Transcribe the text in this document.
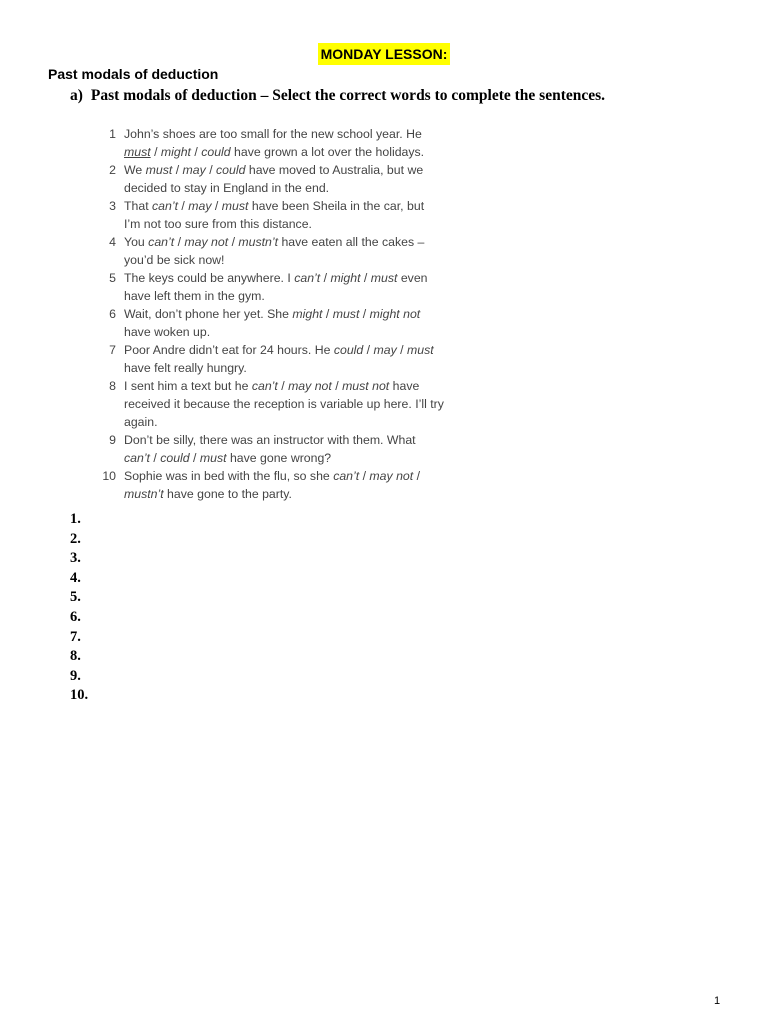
MONDAY LESSON:
Past modals of deduction
a) Past modals of deduction – Select the correct words to complete the sentences.
1 John’s shoes are too small for the new school year. He
must / might / could have grown a lot over the holidays.
2 We must / may / could have moved to Australia, but we
decided to stay in England in the end.
3 That can’t / may / must have been Sheila in the car, but
I’m not too sure from this distance.
4 You can’t / may not / mustn’t have eaten all the cakes –
you’d be sick now!
5 The keys could be anywhere. I can’t / might / must even
have left them in the gym.
6 Wait, don’t phone her yet. She might / must / might not
have woken up.
7 Poor Andre didn’t eat for 24 hours. He could / may / must
have felt really hungry.
8 I sent him a text but he can’t / may not / must not have
received it because the reception is variable up here. I’ll try
again.
9 Don’t be silly, there was an instructor with them. What
can’t / could / must have gone wrong?
10 Sophie was in bed with the flu, so she can’t / may not /
mustn’t have gone to the party.
1.
2.
3.
4.
5.
6.
7.
8.
9.
10.
1
